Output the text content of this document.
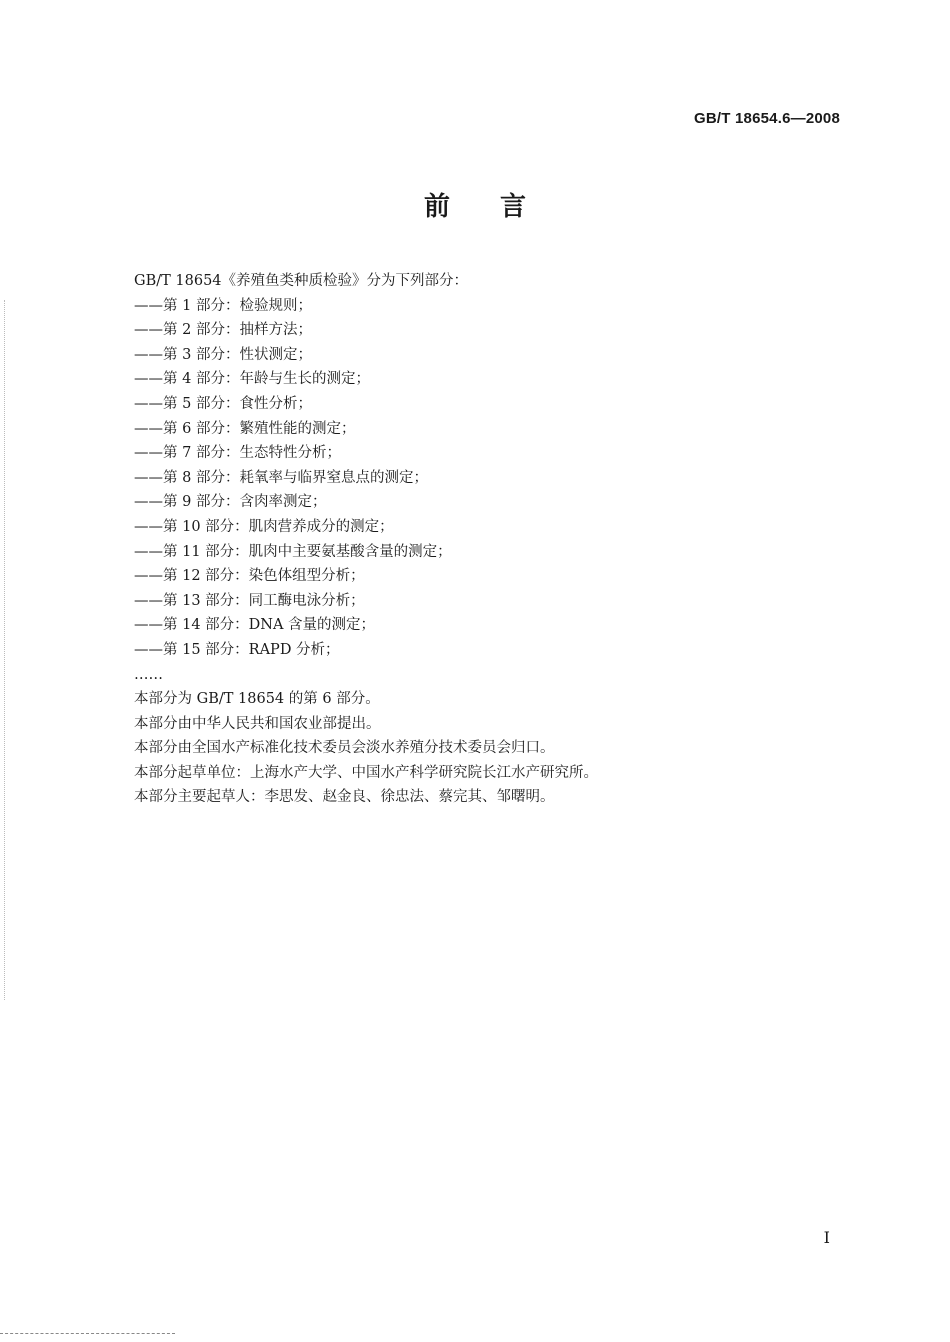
GB/T 18654.6—2008
前言
GB/T 18654《养殖鱼类种质检验》分为下列部分：
——第 1 部分：检验规则；
——第 2 部分：抽样方法；
——第 3 部分：性状测定；
——第 4 部分：年龄与生长的测定；
——第 5 部分：食性分析；
——第 6 部分：繁殖性能的测定；
——第 7 部分：生态特性分析；
——第 8 部分：耗氧率与临界窒息点的测定；
——第 9 部分：含肉率测定；
——第 10 部分：肌肉营养成分的测定；
——第 11 部分：肌肉中主要氨基酸含量的测定；
——第 12 部分：染色体组型分析；
——第 13 部分：同工酶电泳分析；
——第 14 部分：DNA 含量的测定；
——第 15 部分：RAPD 分析；
……
本部分为 GB/T 18654 的第 6 部分。
本部分由中华人民共和国农业部提出。
本部分由全国水产标准化技术委员会淡水养殖分技术委员会归口。
本部分起草单位：上海水产大学、中国水产科学研究院长江水产研究所。
本部分主要起草人：李思发、赵金良、徐忠法、蔡完其、邹曙明。
I
